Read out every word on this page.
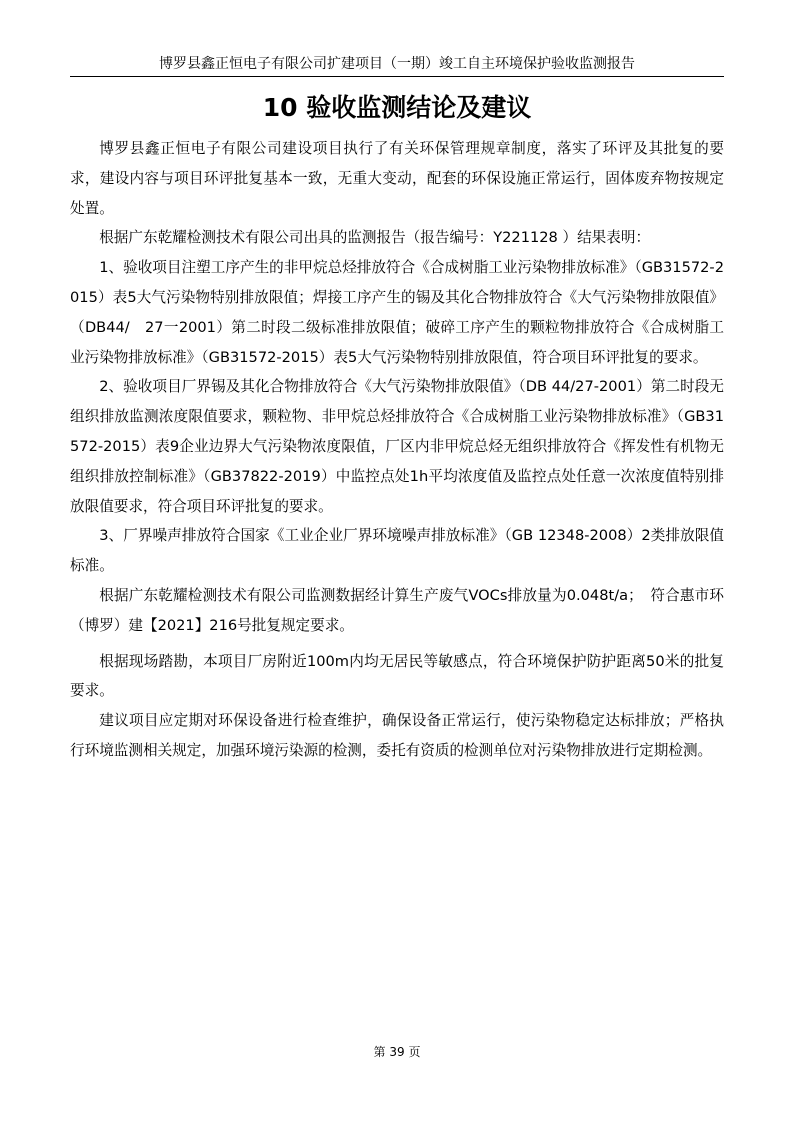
博罗县鑫正恒电子有限公司扩建项目（一期）竣工自主环境保护验收监测报告
10 验收监测结论及建议

博罗县鑫正恒电子有限公司建设项目执行了有关环保管理规章制度，落实了环评及其批复的要求，建设内容与项目环评批复基本一致，无重大变动，配套的环保设施正常运行，固体废弃物按规定处置。

根据广东乾耀检测技术有限公司出具的监测报告（报告编号：Y221128 ）结果表明：

1、验收项目注塑工序产生的非甲烷总烃排放符合《合成树脂工业污染物排放标准》（GB31572-2015）表5大气污染物特别排放限值；焊接工序产生的锡及其化合物排放符合《大气污染物排放限值》（DB44/　27一2001）第二时段二级标准排放限值；破碎工序产生的颗粒物排放符合《合成树脂工业污染物排放标准》（GB31572-2015）表5大气污染物特别排放限值，符合项目环评批复的要求。

2、验收项目厂界锡及其化合物排放符合《大气污染物排放限值》（DB 44/27-2001）第二时段无组织排放监测浓度限值要求，颗粒物、非甲烷总烃排放符合《合成树脂工业污染物排放标准》（GB31572-2015）表9企业边界大气污染物浓度限值，厂区内非甲烷总烃无组织排放符合《挥发性有机物无组织排放控制标准》（GB37822-2019）中监控点处1h平均浓度值及监控点处任意一次浓度值特别排放限值要求，符合项目环评批复的要求。

3、厂界噪声排放符合国家《工业企业厂界环境噪声排放标准》（GB 12348-2008）2类排放限值标准。

根据广东乾耀检测技术有限公司监测数据经计算生产废气VOCs排放量为0.048t/a；　符合惠市环（博罗）建【2021】216号批复规定要求。

根据现场踏勘，本项目厂房附近100m内均无居民等敏感点，符合环境保护防护距离50米的批复要求。

建议项目应定期对环保设备进行检查维护，确保设备正常运行，使污染物稳定达标排放；严格执行环境监测相关规定，加强环境污染源的检测，委托有资质的检测单位对污染物排放进行定期检测。

第 39 页
